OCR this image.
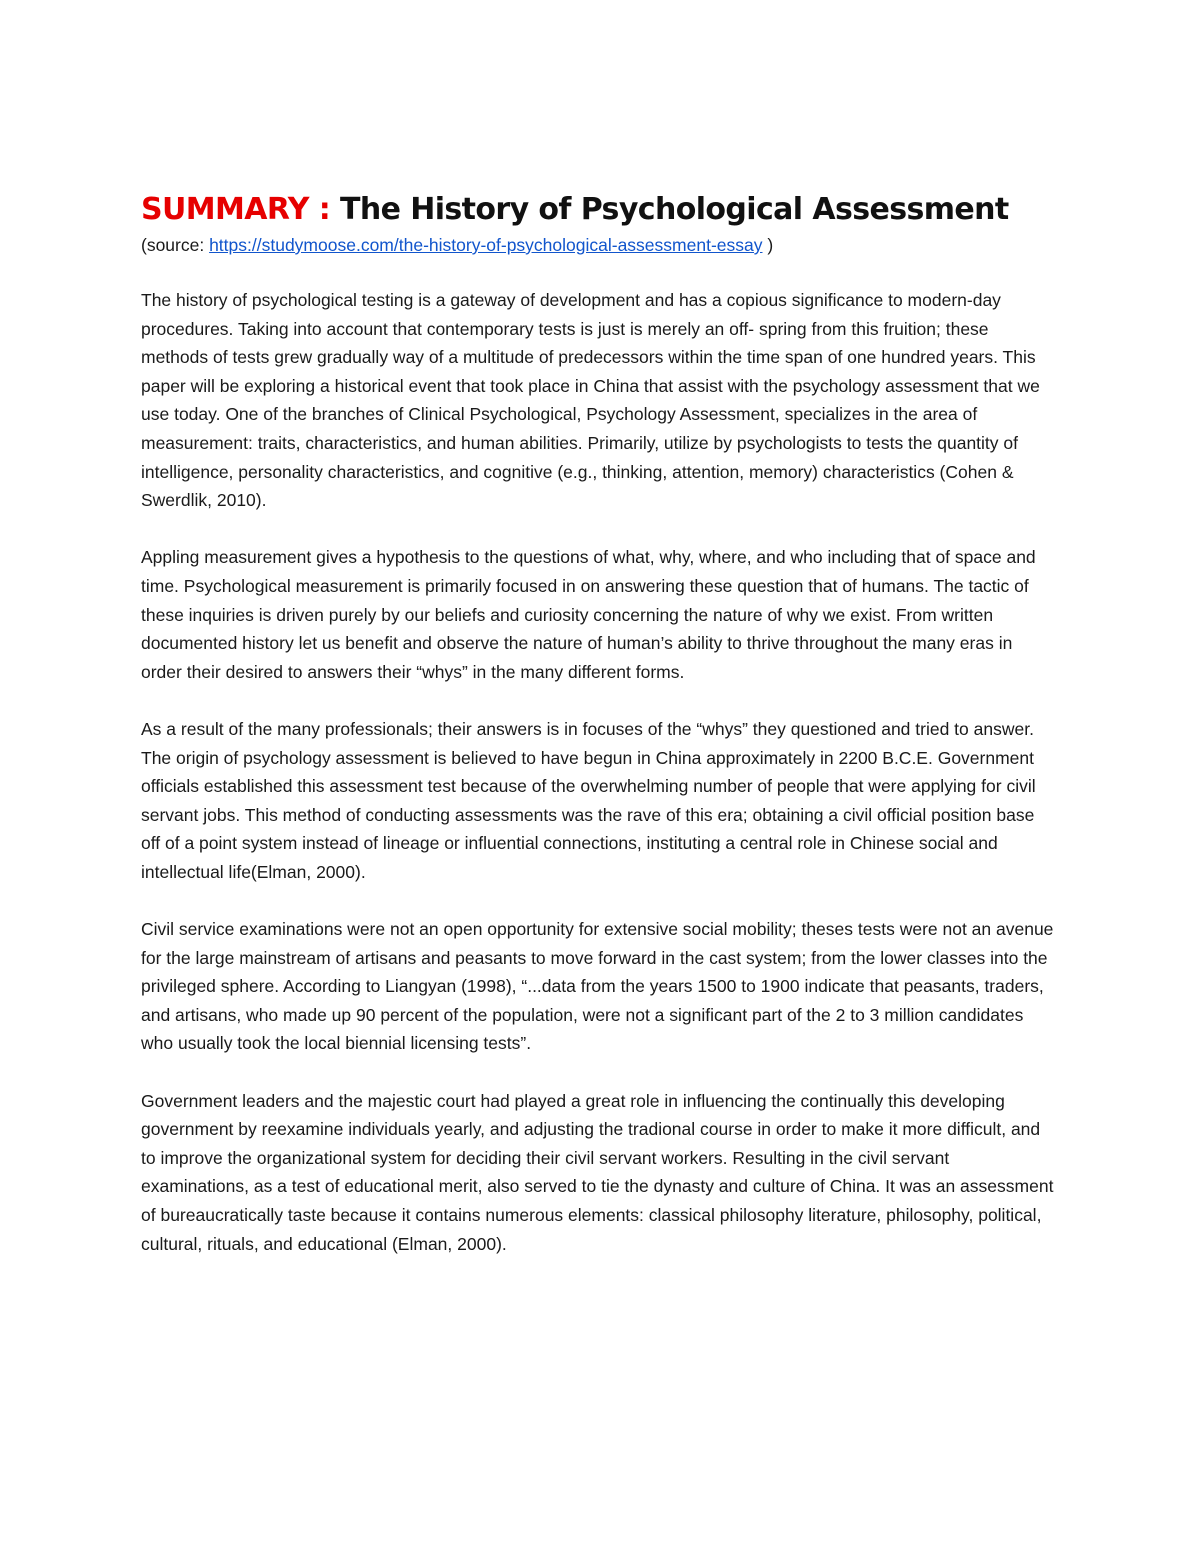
SUMMARY : The History of Psychological Assessment
(source: https://studymoose.com/the-history-of-psychological-assessment-essay )

The history of psychological testing is a gateway of development and has a copious significance to modern-day procedures. Taking into account that contemporary tests is just is merely an off- spring from this fruition; these methods of tests grew gradually way of a multitude of predecessors within the time span of one hundred years. This paper will be exploring a historical event that took place in China that assist with the psychology assessment that we use today. One of the branches of Clinical Psychological, Psychology Assessment, specializes in the area of measurement: traits, characteristics, and human abilities. Primarily, utilize by psychologists to tests the quantity of intelligence, personality characteristics, and cognitive (e.g., thinking, attention, memory) characteristics (Cohen & Swerdlik, 2010).

Appling measurement gives a hypothesis to the questions of what, why, where, and who including that of space and time. Psychological measurement is primarily focused in on answering these question that of humans. The tactic of these inquiries is driven purely by our beliefs and curiosity concerning the nature of why we exist. From written documented history let us benefit and observe the nature of human’s ability to thrive throughout the many eras in order their desired to answers their “whys” in the many different forms.

As a result of the many professionals; their answers is in focuses of the “whys” they questioned and tried to answer. The origin of psychology assessment is believed to have begun in China approximately in 2200 B.C.E. Government officials established this assessment test because of the overwhelming number of people that were applying for civil servant jobs. This method of conducting assessments was the rave of this era; obtaining a civil official position base off of a point system instead of lineage or influential connections, instituting a central role in Chinese social and intellectual life(Elman, 2000).

Civil service examinations were not an open opportunity for extensive social mobility; theses tests were not an avenue for the large mainstream of artisans and peasants to move forward in the cast system; from the lower classes into the privileged sphere. According to Liangyan (1998), “...data from the years 1500 to 1900 indicate that peasants, traders, and artisans, who made up 90 percent of the population, were not a significant part of the 2 to 3 million candidates who usually took the local biennial licensing tests”.

Government leaders and the majestic court had played a great role in influencing the continually this developing government by reexamine individuals yearly, and adjusting the tradional course in order to make it more difficult, and to improve the organizational system for deciding their civil servant workers. Resulting in the civil servant examinations, as a test of educational merit, also served to tie the dynasty and culture of China. It was an assessment of bureaucratically taste because it contains numerous elements: classical philosophy literature, philosophy, political, cultural, rituals, and educational (Elman, 2000).
